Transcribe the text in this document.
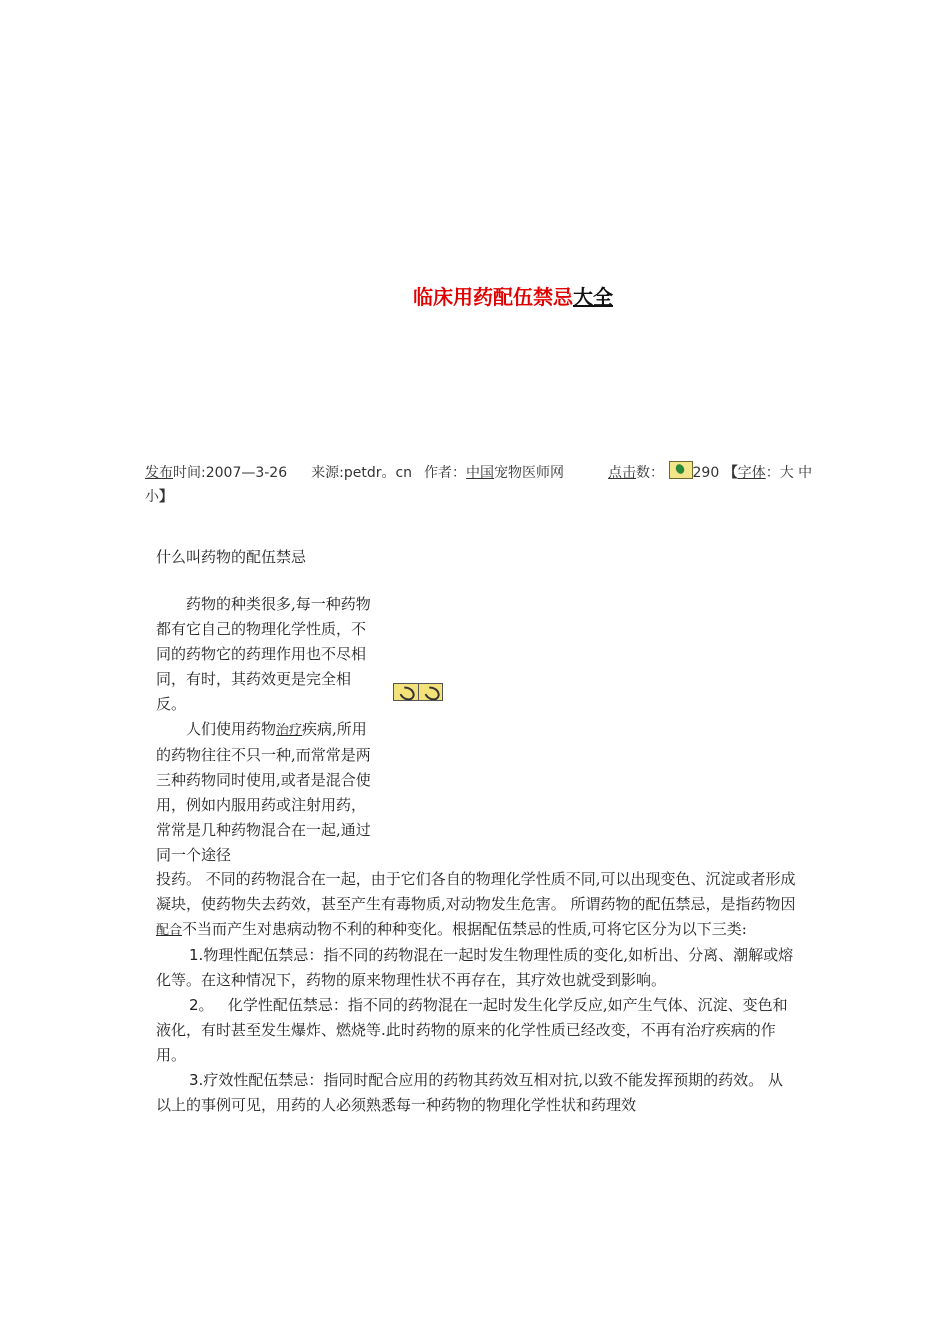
临床用药配伍禁忌大全
发布时间:2007—3-26 来源:petdr。cn 作者：中国宠物医师网	点击数： 290 【字体：大 中 小】
什么叫药物的配伍禁忌

药物的种类很多,每一种药物都有它自己的物理化学性质，不同的药物它的药理作用也不尽相同，有时，其药效更是完全相反。

人们使用药物治疗疾病,所用的药物往往不只一种,而常常是两三种药物同时使用,或者是混合使用，例如内服用药或注射用药，常常是几种药物混合在一起,通过同一个途径

投药。 不同的药物混合在一起，由于它们各自的物理化学性质不同,可以出现变色、沉淀或者形成凝块，使药物失去药效，甚至产生有毒物质,对动物发生危害。 所谓药物的配伍禁忌，是指药物因配合不当而产生对患病动物不利的种种变化。根据配伍禁忌的性质,可将它区分为以下三类:

1.物理性配伍禁忌：指不同的药物混在一起时发生物理性质的变化,如析出、分离、潮解或熔化等。在这种情况下，药物的原来物理性状不再存在，其疗效也就受到影响。

2。 化学性配伍禁忌：指不同的药物混在一起时发生化学反应,如产生气体、沉淀、变色和液化，有时甚至发生爆炸、燃烧等.此时药物的原来的化学性质已经改变，不再有治疗疾病的作用。

3.疗效性配伍禁忌：指同时配合应用的药物其药效互相对抗,以致不能发挥预期的药效。 从以上的事例可见，用药的人必须熟悉每一种药物的物理化学性状和药理效
